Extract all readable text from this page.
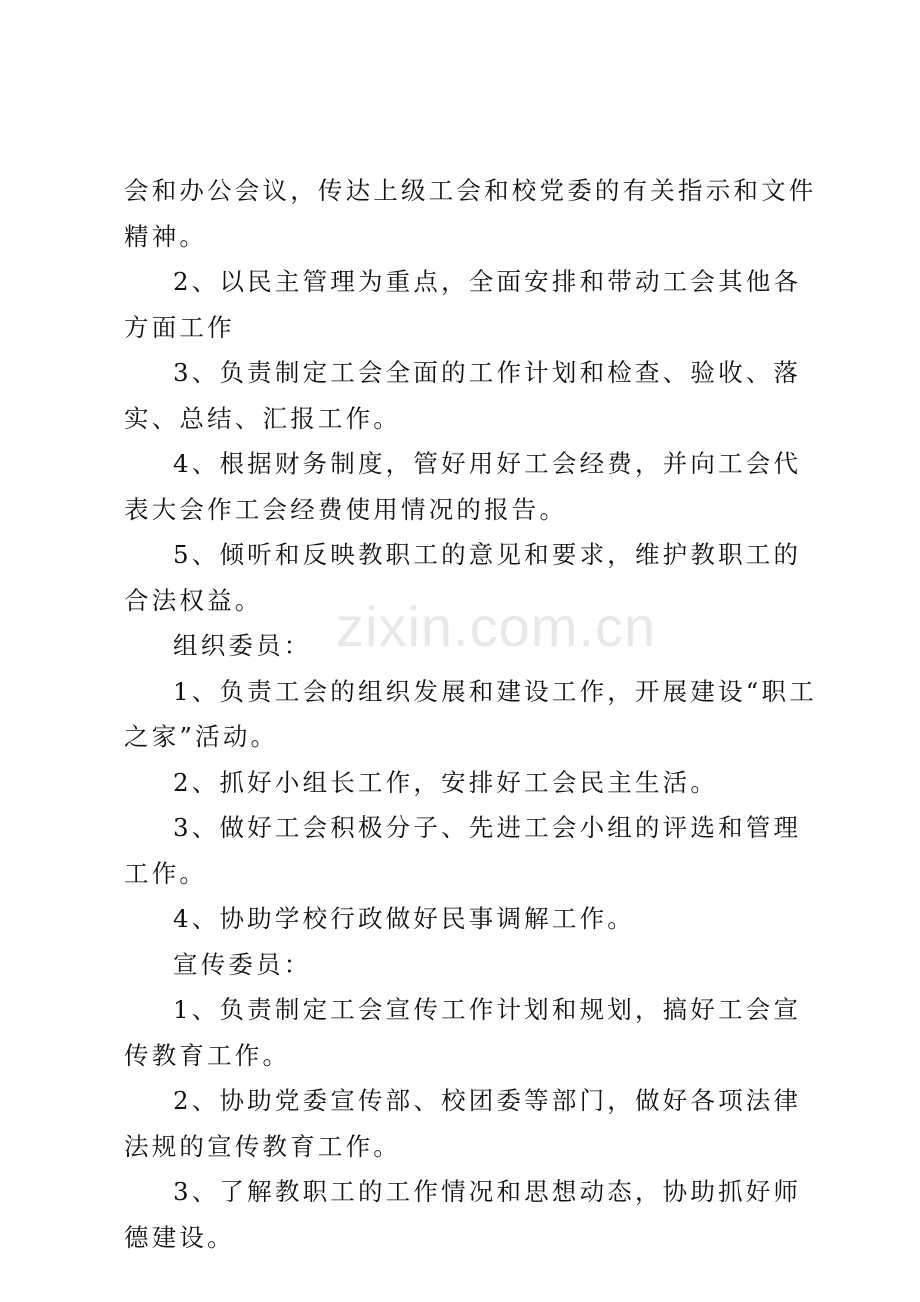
会和办公会议，传达上级工会和校党委的有关指示和文件精神。

2、以民主管理为重点，全面安排和带动工会其他各方面工作

3、负责制定工会全面的工作计划和检查、验收、落实、总结、汇报工作。

4、根据财务制度，管好用好工会经费，并向工会代表大会作工会经费使用情况的报告。

5、倾听和反映教职工的意见和要求，维护教职工的合法权益。

组织委员：

1、负责工会的组织发展和建设工作，开展建设“职工之家”活动。

2、抓好小组长工作，安排好工会民主生活。

3、做好工会积极分子、先进工会小组的评选和管理工作。

4、协助学校行政做好民事调解工作。

宣传委员：

1、负责制定工会宣传工作计划和规划，搞好工会宣传教育工作。

2、协助党委宣传部、校团委等部门，做好各项法律法规的宣传教育工作。

3、了解教职工的工作情况和思想动态，协助抓好师德建设。

zixin.com.cn
